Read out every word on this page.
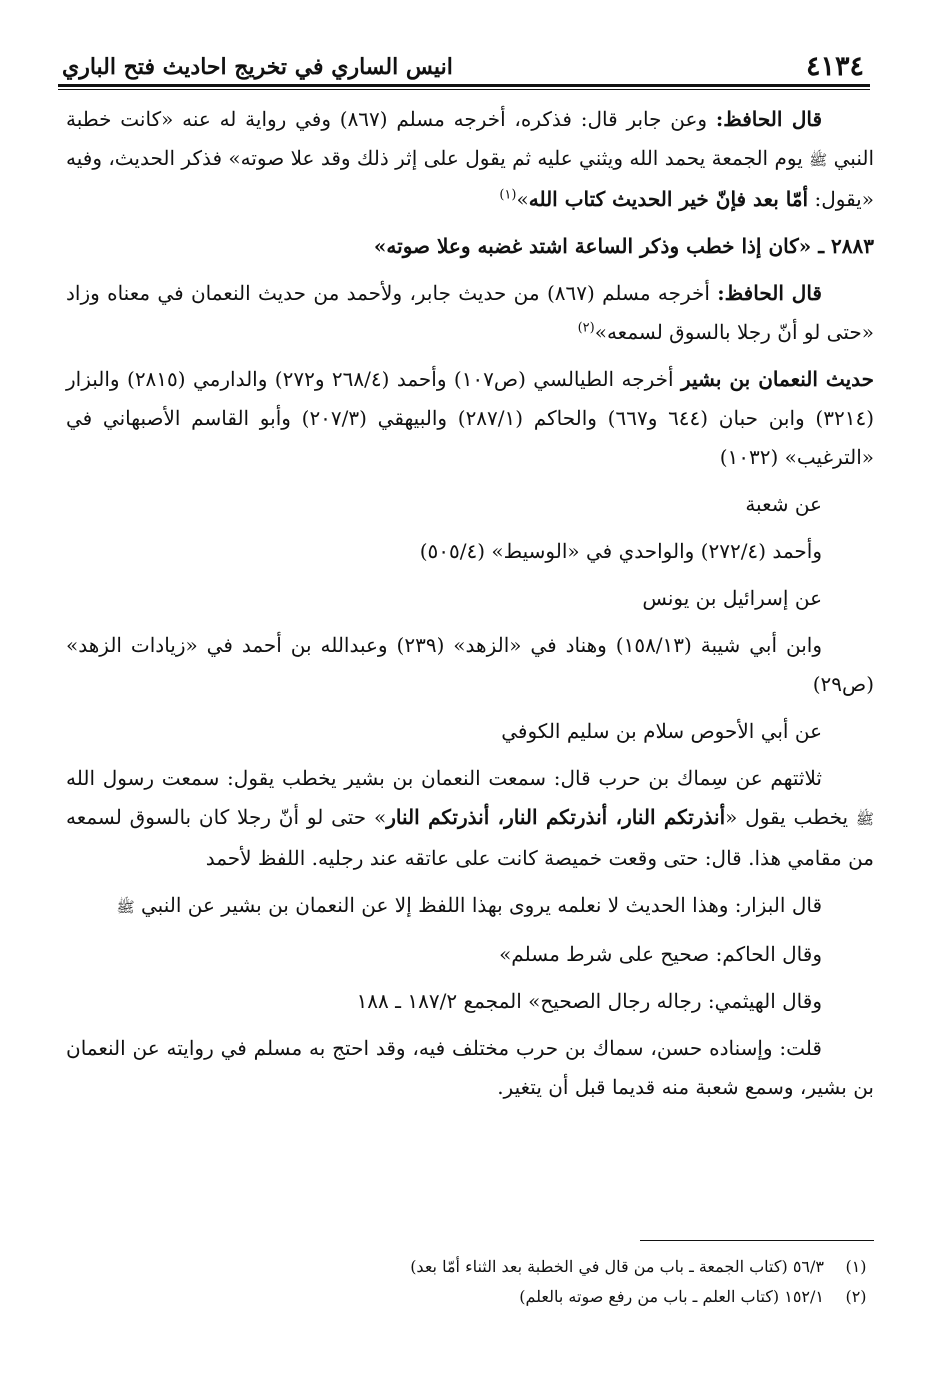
٤١٣٤
انيس الساري في تخريج احاديث فتح الباري

قال الحافظ: وعن جابر قال: فذكره، أخرجه مسلم (٨٦٧) وفي رواية له عنه «كانت خطبة النبي ﷺ يوم الجمعة يحمد الله ويثني عليه ثم يقول على إثر ذلك وقد علا صوته» فذكر الحديث، وفيه «يقول: أمّا بعد فإنّ خير الحديث كتاب الله»$^{(١)}$

٢٨٨٣ ـ «كان إذا خطب وذكر الساعة اشتد غضبه وعلا صوته»

قال الحافظ: أخرجه مسلم (٨٦٧) من حديث جابر، ولأحمد من حديث النعمان في معناه وزاد «حتى لو أنّ رجلا بالسوق لسمعه»$^{(٢)}$

حديث النعمان بن بشير أخرجه الطيالسي (ص١٠٧) وأحمد (٢٦٨/٤ و٢٧٢) والدارمي (٢٨١٥) والبزار (٣٢١٤) وابن حبان (٦٤٤ و٦٦٧) والحاكم (٢٨٧/١) والبيهقي (٢٠٧/٣) وأبو القاسم الأصبهاني في «الترغيب» (١٠٣٢)

عن شعبة

وأحمد (٢٧٢/٤) والواحدي في «الوسيط» (٥٠٥/٤)

عن إسرائيل بن يونس

وابن أبي شيبة (١٥٨/١٣) وهناد في «الزهد» (٢٣٩) وعبدالله بن أحمد في «زيادات الزهد» (ص٢٩)

عن أبي الأحوص سلام بن سليم الكوفي

ثلاثتهم عن سِماك بن حرب قال: سمعت النعمان بن بشير يخطب يقول: سمعت رسول الله ﷺ يخطب يقول «أنذرتكم النار، أنذرتكم النار، أنذرتكم النار» حتى لو أنّ رجلا كان بالسوق لسمعه من مقامي هذا. قال: حتى وقعت خميصة كانت على عاتقه عند رجليه. اللفظ لأحمد

قال البزار: وهذا الحديث لا نعلمه يروى بهذا اللفظ إلا عن النعمان بن بشير عن النبي ﷺ

وقال الحاكم: صحيح على شرط مسلم»

وقال الهيثمي: رجاله رجال الصحيح» المجمع ١٨٧/٢ ـ ١٨٨

قلت: وإسناده حسن، سماك بن حرب مختلف فيه، وقد احتج به مسلم في روايته عن النعمان بن بشير، وسمع شعبة منه قديما قبل أن يتغير.

(١)
٥٦/٣ (كتاب الجمعة ـ باب من قال في الخطبة بعد الثناء أمّا بعد)
(٢)
١٥٢/١ (كتاب العلم ـ باب من رفع صوته بالعلم)
